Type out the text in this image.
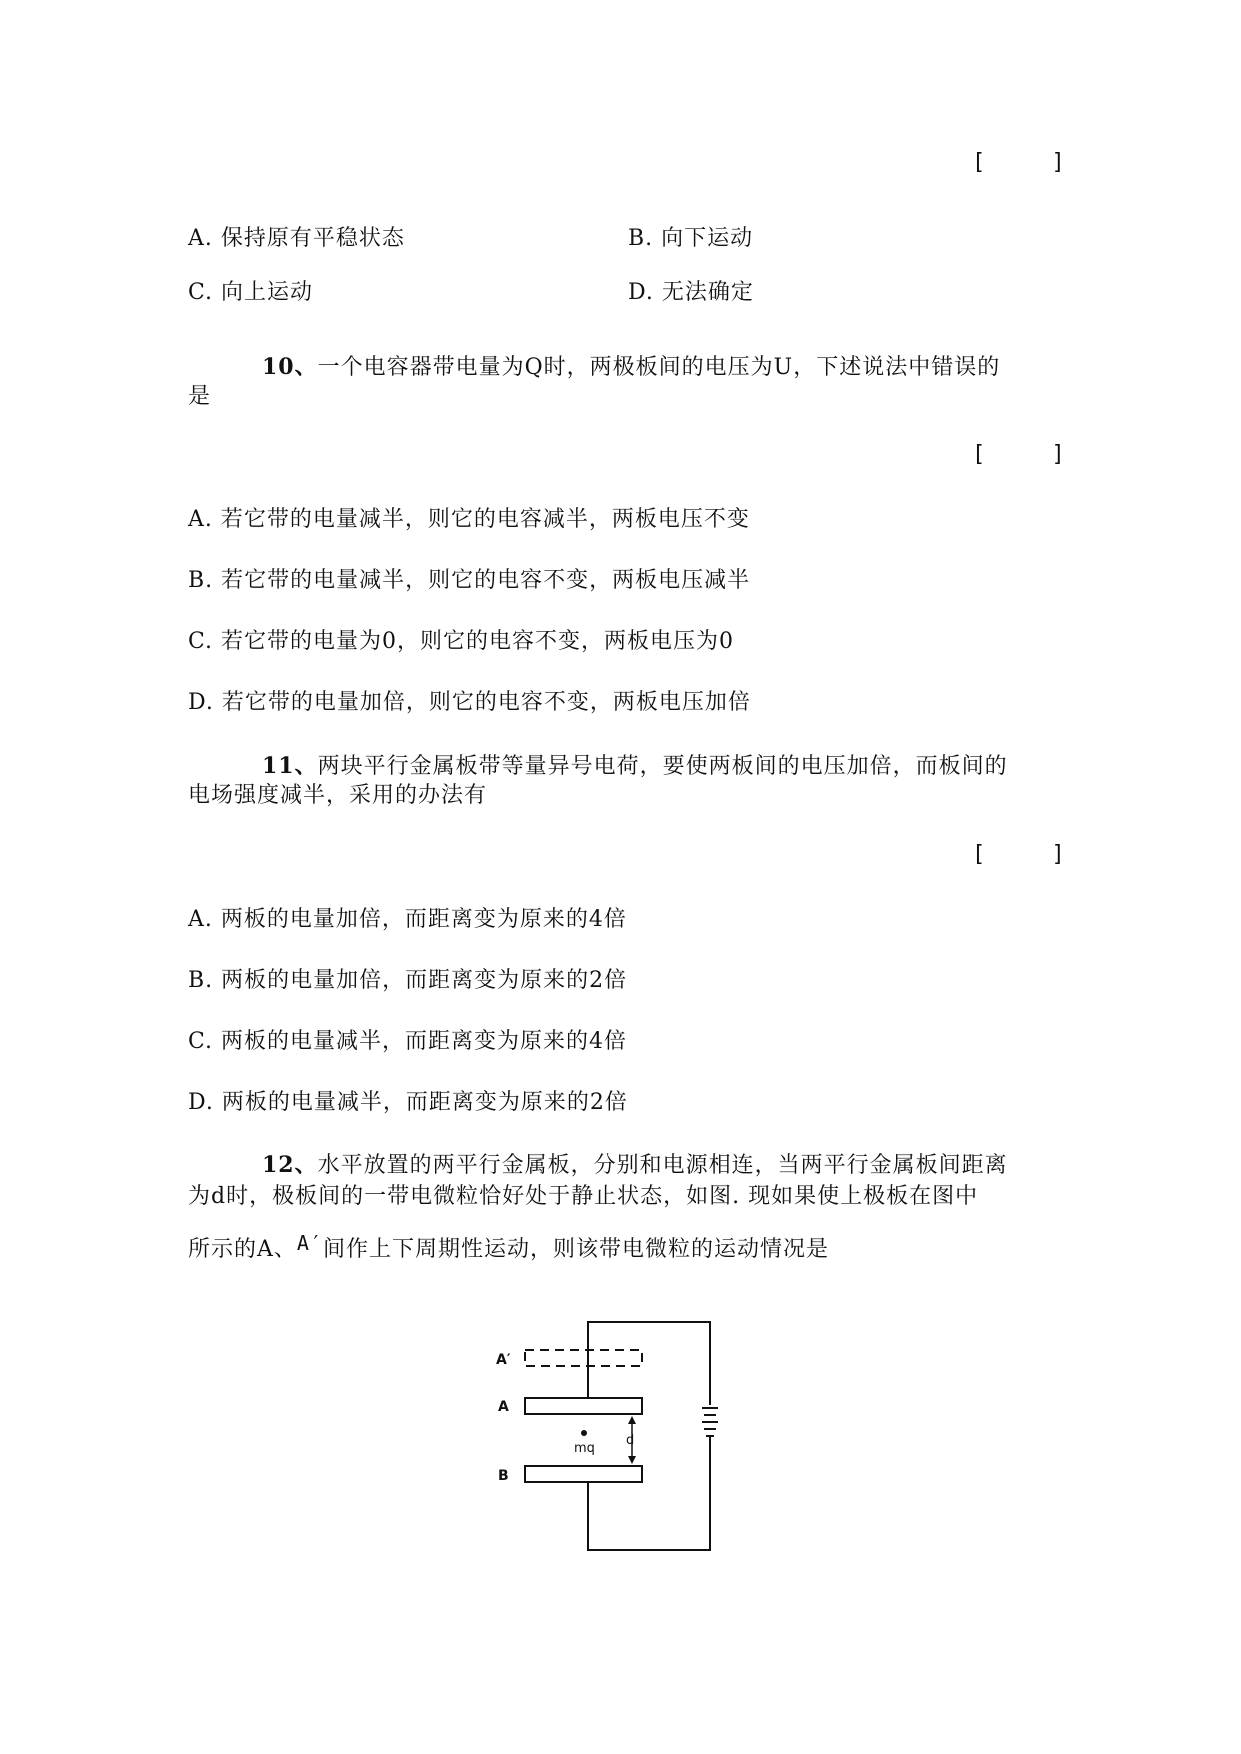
[     ]
A. 保持原有平稳状态	B. 向下运动
C. 向上运动	D. 无法确定
10、一个电容器带电量为Q时，两极板间的电压为U，下述说法中错误的
是
[     ]
A. 若它带的电量减半，则它的电容减半，两板电压不变
B. 若它带的电量减半，则它的电容不变，两板电压减半
C. 若它带的电量为0，则它的电容不变，两板电压为0
D. 若它带的电量加倍，则它的电容不变，两板电压加倍
11、两块平行金属板带等量异号电荷，要使两板间的电压加倍，而板间的
电场强度减半，采用的办法有
[     ]
A. 两板的电量加倍，而距离变为原来的4倍
B. 两板的电量加倍，而距离变为原来的2倍
C. 两板的电量减半，而距离变为原来的4倍
D. 两板的电量减半，而距离变为原来的2倍
12、水平放置的两平行金属板，分别和电源相连，当两平行金属板间距离
为d时，极板间的一带电微粒恰好处于静止状态，如图. 现如果使上极板在图中
所示的A、A′间作上下周期性运动，则该带电微粒的运动情况是
A′
A
mq
d
B
